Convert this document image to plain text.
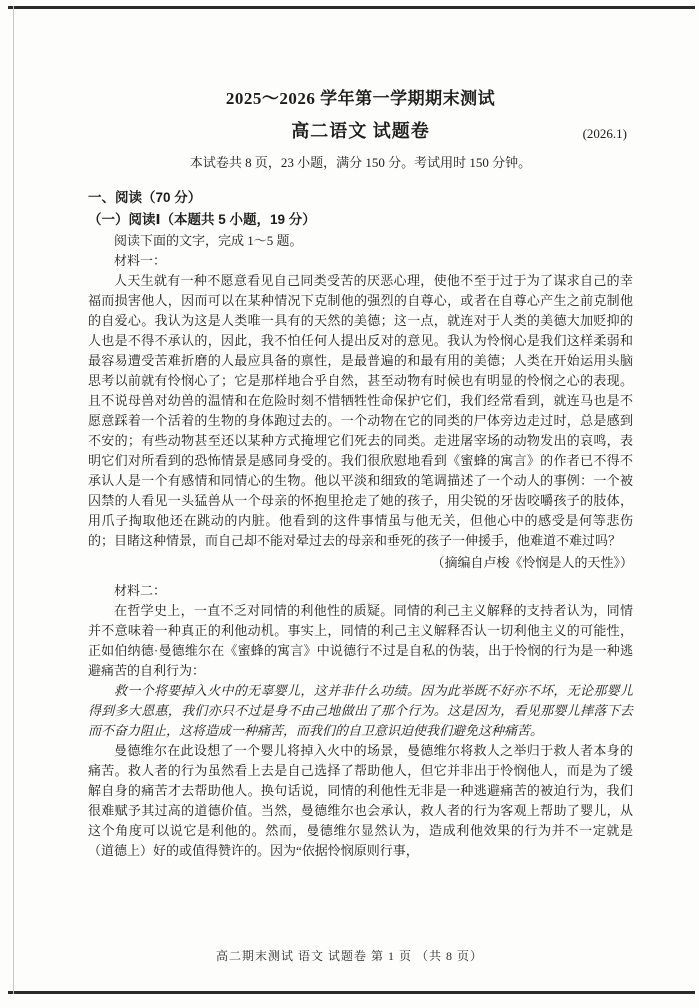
2025～2026 学年第一学期期末测试
高二语文 试题卷	(2026.1)

本试卷共 8 页，23 小题，满分 150 分。考试用时 150 分钟。

一、阅读（70 分）

（一）阅读Ⅰ（本题共 5 小题，19 分）

阅读下面的文字，完成 1～5 题。

材料一：

人天生就有一种不愿意看见自己同类受苦的厌恶心理，使他不至于过于为了谋求自己的幸福而损害他人，因而可以在某种情况下克制他的强烈的自尊心，或者在自尊心产生之前克制他的自爱心。我认为这是人类唯一具有的天然的美德；这一点，就连对于人类的美德大加贬抑的人也是不得不承认的，因此，我不怕任何人提出反对的意见。我认为怜悯心是我们这样柔弱和最容易遭受苦难折磨的人最应具备的禀性，是最普遍的和最有用的美德；人类在开始运用头脑思考以前就有怜悯心了；它是那样地合乎自然，甚至动物有时候也有明显的怜悯之心的表现。且不说母兽对幼兽的温情和在危险时刻不惜牺牲性命保护它们，我们经常看到，就连马也是不愿意踩着一个活着的生物的身体跑过去的。一个动物在它的同类的尸体旁边走过时，总是感到不安的；有些动物甚至还以某种方式掩埋它们死去的同类。走进屠宰场的动物发出的哀鸣，表明它们对所看到的恐怖情景是感同身受的。我们很欣慰地看到《蜜蜂的寓言》的作者已不得不承认人是一个有感情和同情心的生物。他以平淡和细致的笔调描述了一个动人的事例：一个被囚禁的人看见一头猛兽从一个母亲的怀抱里抢走了她的孩子，用尖锐的牙齿咬嚼孩子的肢体，用爪子掏取他还在跳动的内脏。他看到的这件事情虽与他无关，但他心中的感受是何等悲伤的；目睹这种情景，而自己却不能对晕过去的母亲和垂死的孩子一伸援手，他难道不难过吗？

（摘编自卢梭《怜悯是人的天性》）

材料二：

在哲学史上，一直不乏对同情的利他性的质疑。同情的利己主义解释的支持者认为，同情并不意味着一种真正的利他动机。事实上，同情的利己主义解释否认一切利他主义的可能性，正如伯纳德·曼德维尔在《蜜蜂的寓言》中说德行不过是自私的伪装，出于怜悯的行为是一种逃避痛苦的自利行为：

救一个将要掉入火中的无辜婴儿，这并非什么功绩。因为此举既不好亦不坏，无论那婴儿得到多大恩惠，我们亦只不过是身不由己地做出了那个行为。这是因为，看见那婴儿摔落下去而不奋力阻止，这将造成一种痛苦，而我们的自卫意识迫使我们避免这种痛苦。

曼德维尔在此设想了一个婴儿将掉入火中的场景，曼德维尔将救人之举归于救人者本身的痛苦。救人者的行为虽然看上去是自己选择了帮助他人，但它并非出于怜悯他人，而是为了缓解自身的痛苦才去帮助他人。换句话说，同情的利他性无非是一种逃避痛苦的被迫行为，我们很难赋予其过高的道德价值。当然，曼德维尔也会承认，救人者的行为客观上帮助了婴儿，从这个角度可以说它是利他的。然而，曼德维尔显然认为，造成利他效果的行为并不一定就是（道德上）好的或值得赞许的。因为“依据怜悯原则行事，

高二期末测试 语文 试题卷 第 1 页 （共 8 页）
